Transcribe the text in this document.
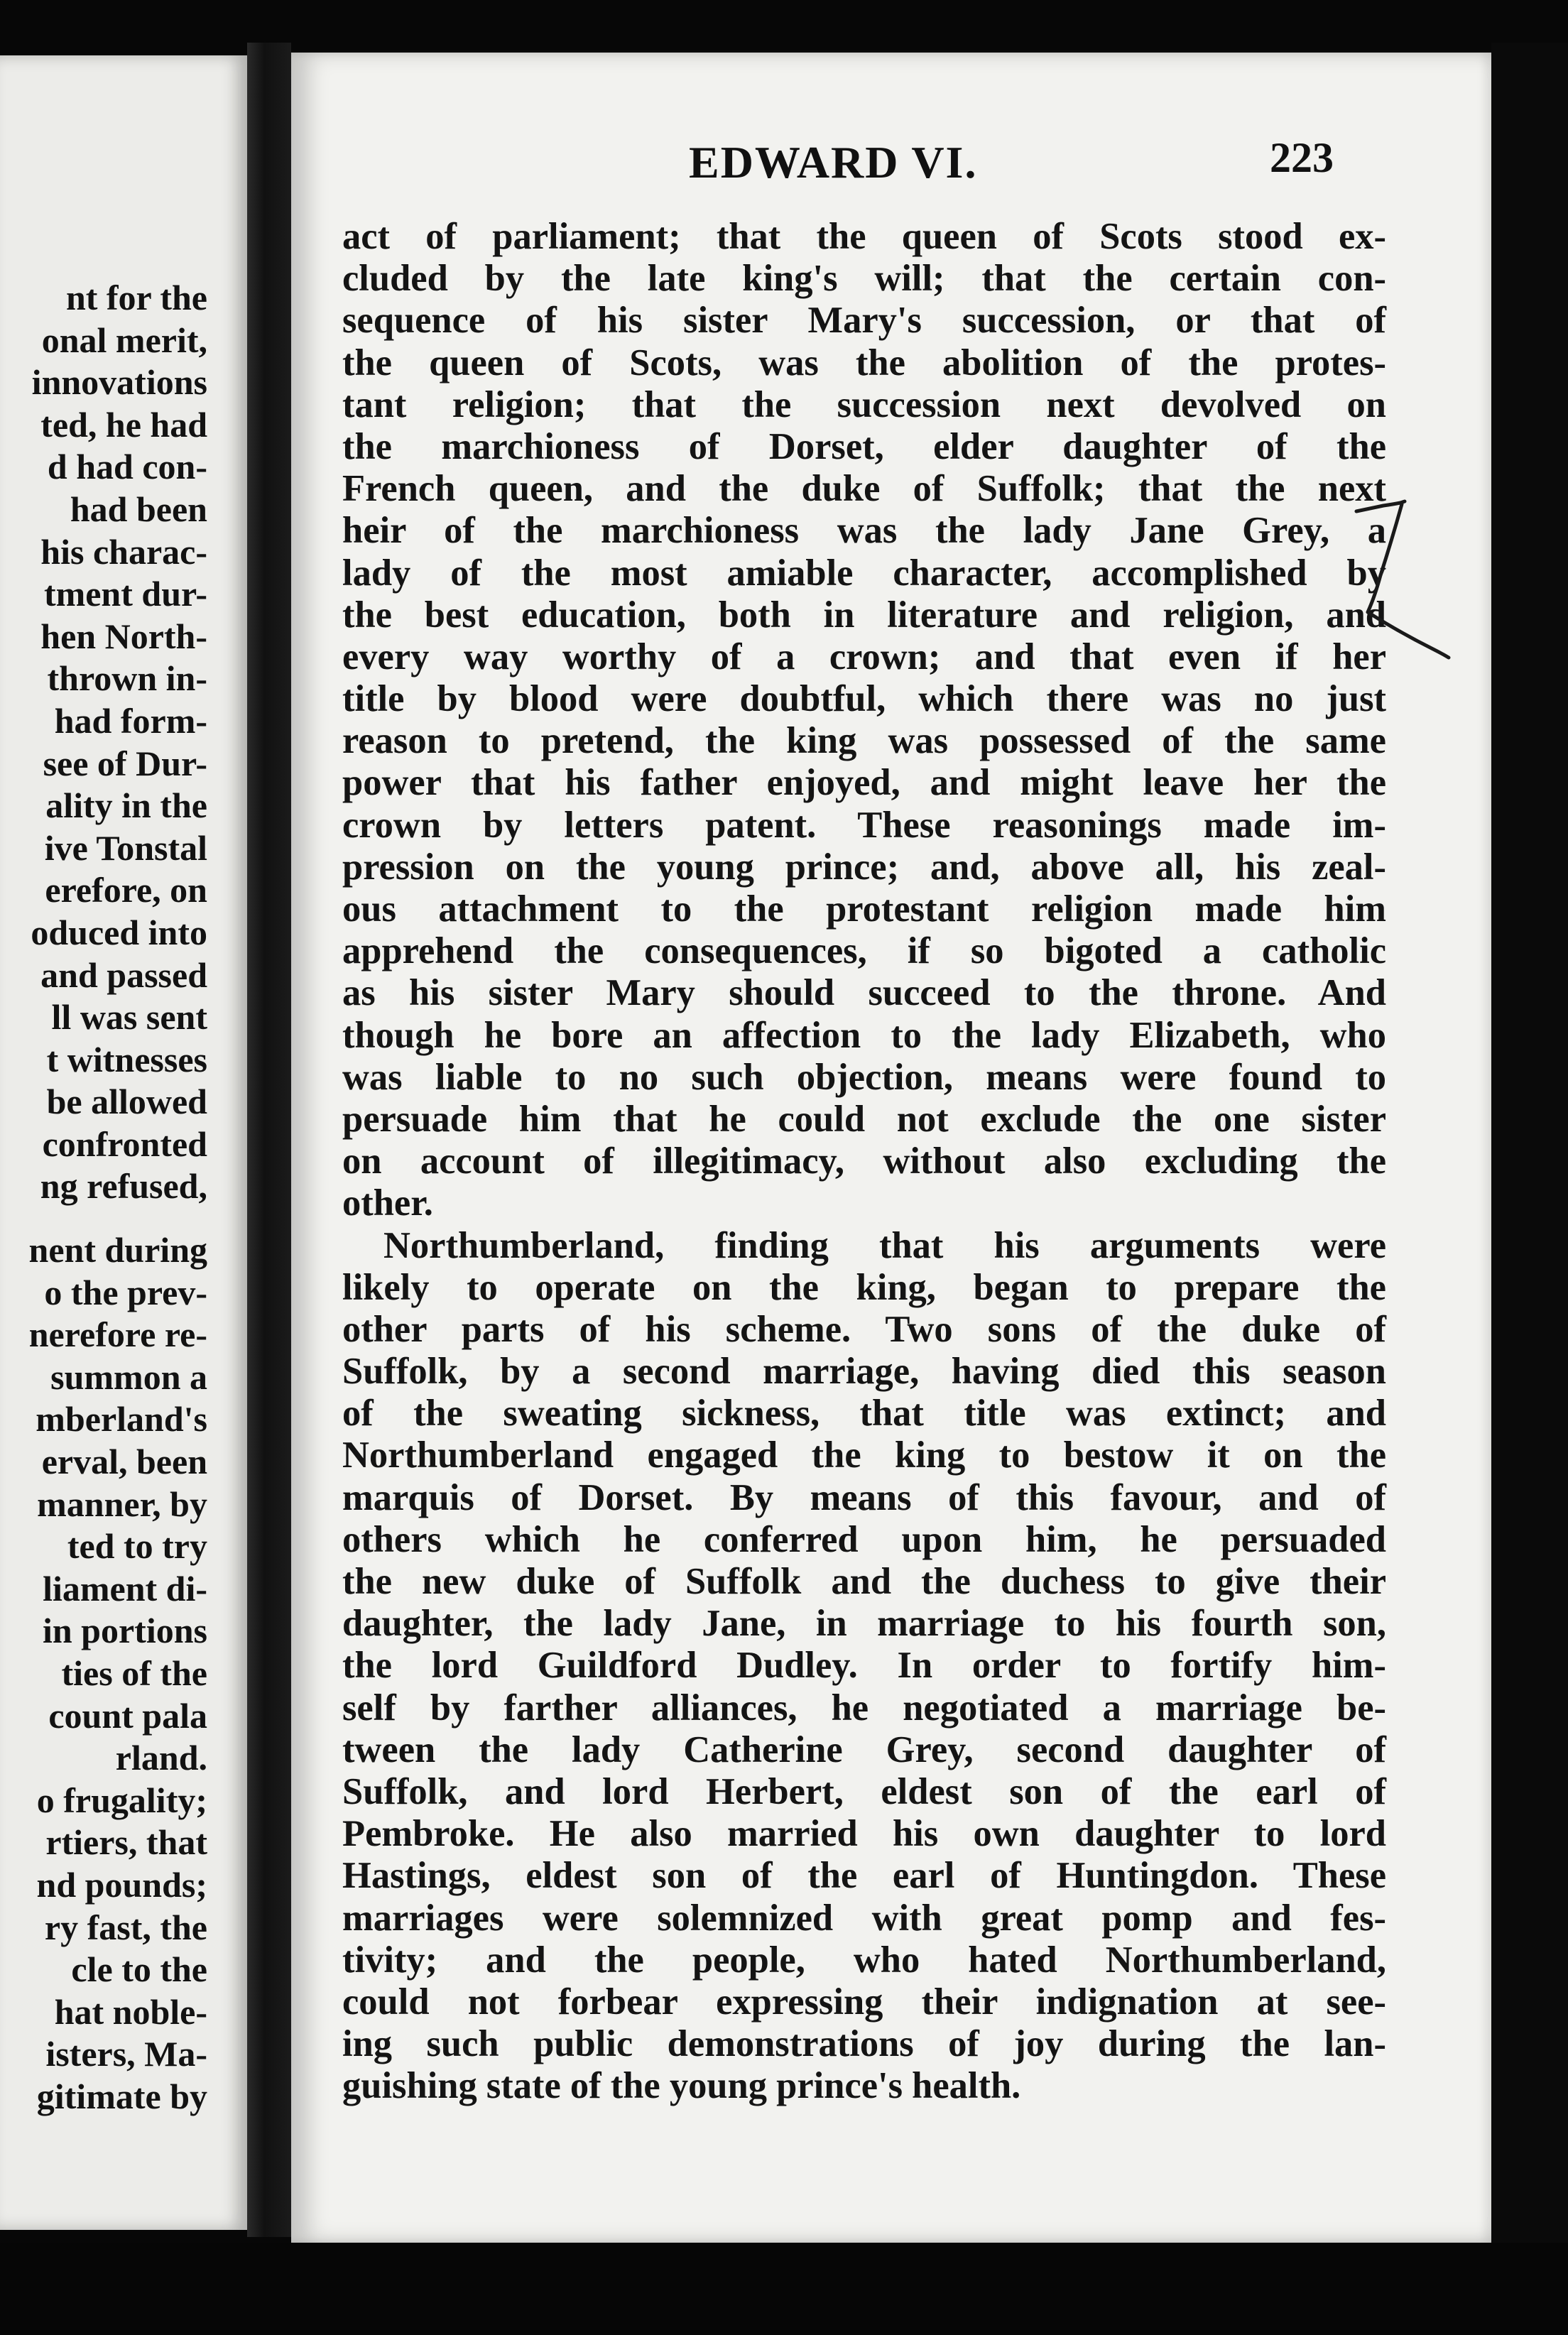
nt for the
onal merit,
innovations
ted, he had
d had con-
had been
his charac-
tment dur-
hen North-
thrown in-
had form-
see of Dur-
ality in the
ive Tonstal
erefore, on
oduced into
and passed
ll was sent
t witnesses
be allowed
confronted
ng refused,
nent during
o the prev-
nerefore re-
summon a
mberland's
erval, been
manner, by
ted to try
liament di-
in portions
ties of the
count pala
rland.
o frugality;
rtiers, that
nd pounds;
ry fast, the
cle to the
hat noble-
isters, Ma-
gitimate by
EDWARD VI.	223
act of parliament; that the queen of Scots stood ex-
cluded by the late king's will; that the certain con-
sequence of his sister Mary's succession, or that of
the queen of Scots, was the abolition of the protes-
tant religion; that the succession next devolved on
the marchioness of Dorset, elder daughter of the
French queen, and the duke of Suffolk; that the next
heir of the marchioness was the lady Jane Grey, a
lady of the most amiable character, accomplished by
the best education, both in literature and religion, and
every way worthy of a crown; and that even if her
title by blood were doubtful, which there was no just
reason to pretend, the king was possessed of the same
power that his father enjoyed, and might leave her the
crown by letters patent. These reasonings made im-
pression on the young prince; and, above all, his zeal-
ous attachment to the protestant religion made him
apprehend the consequences, if so bigoted a catholic
as his sister Mary should succeed to the throne. And
though he bore an affection to the lady Elizabeth, who
was liable to no such objection, means were found to
persuade him that he could not exclude the one sister
on account of illegitimacy, without also excluding the
other.
Northumberland, finding that his arguments were
likely to operate on the king, began to prepare the
other parts of his scheme. Two sons of the duke of
Suffolk, by a second marriage, having died this season
of the sweating sickness, that title was extinct; and
Northumberland engaged the king to bestow it on the
marquis of Dorset. By means of this favour, and of
others which he conferred upon him, he persuaded
the new duke of Suffolk and the duchess to give their
daughter, the lady Jane, in marriage to his fourth son,
the lord Guildford Dudley. In order to fortify him-
self by farther alliances, he negotiated a marriage be-
tween the lady Catherine Grey, second daughter of
Suffolk, and lord Herbert, eldest son of the earl of
Pembroke. He also married his own daughter to lord
Hastings, eldest son of the earl of Huntingdon. These
marriages were solemnized with great pomp and fes-
tivity; and the people, who hated Northumberland,
could not forbear expressing their indignation at see-
ing such public demonstrations of joy during the lan-
guishing state of the young prince's health.
